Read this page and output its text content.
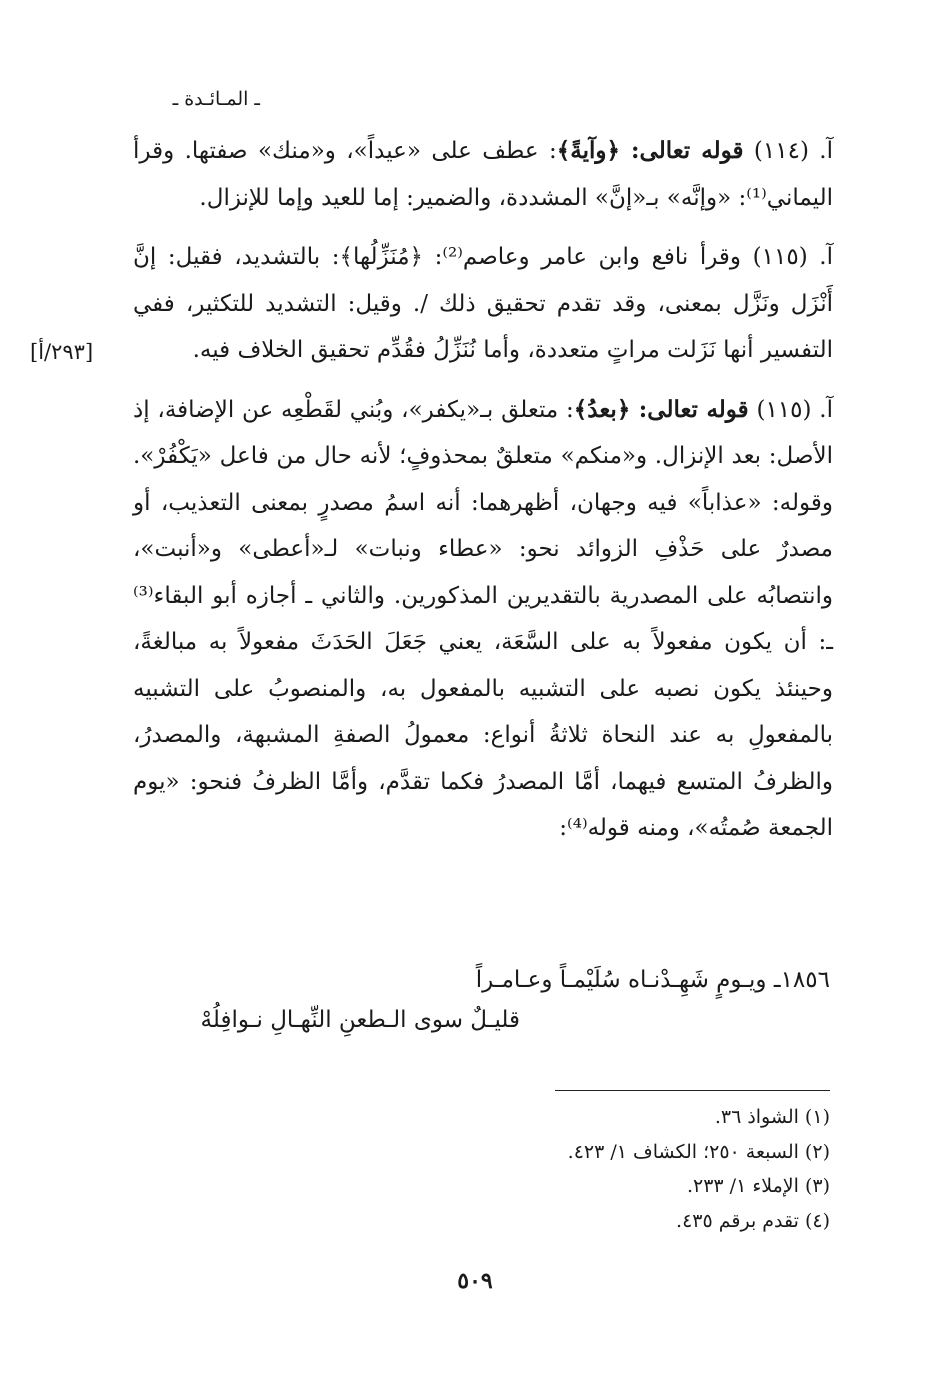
ـ المـائـدة ـ
[٢٩٣/أ]

آ. (١١٤) قوله تعالى: ﴿وآيةً﴾: عطف على «عيداً»، و«منك» صفتها. وقرأ اليماني⁽¹⁾: «وإنَّه» بـ«إنَّ» المشددة، والضمير: إما للعيد وإما للإنزال.

آ. (١١٥) وقرأ نافع وابن عامر وعاصم⁽²⁾: ﴿مُنَزِّلُها﴾: بالتشديد، فقيل: إنَّ أَنْزَل ونَزَّل بمعنى، وقد تقدم تحقيق ذلك /. وقيل: التشديد للتكثير، ففي التفسير أنها نَزَلت مراتٍ متعددة، وأما نُنَزِّلُ فقُدِّم تحقيق الخلاف فيه.

آ. (١١٥) قوله تعالى: ﴿بعدُ﴾: متعلق بـ«يكفر»، وبُني لقَطْعِه عن الإضافة، إذ الأصل: بعد الإنزال. و«منكم» متعلقٌ بمحذوفٍ؛ لأنه حال من فاعل «يَكْفُرْ». وقوله: «عذاباً» فيه وجهان، أظهرهما: أنه اسمُ مصدرٍ بمعنى التعذيب، أو مصدرٌ على حَذْفِ الزوائد نحو: «عطاء ونبات» لـ«أعطى» و«أنبت»، وانتصابُه على المصدرية بالتقديرين المذكورين. والثاني ـ أجازه أبو البقاء⁽³⁾ ـ: أن يكون مفعولاً به على السَّعَة، يعني جَعَلَ الحَدَثَ مفعولاً به مبالغةً، وحينئذ يكون نصبه على التشبيه بالمفعول به، والمنصوبُ على التشبيه بالمفعولِ به عند النحاة ثلاثةُ أنواع: معمولُ الصفةِ المشبهة، والمصدرُ، والظرفُ المتسع فيهما، أمَّا المصدرُ فكما تقدَّم، وأمَّا الظرفُ فنحو: «يوم الجمعة صُمتُه»، ومنه قوله⁽⁴⁾:

١٨٥٦ـ ويـومٍ شَهِـدْنـاه سُلَيْمـاً وعـامـراً
قليـلٌ سوى الـطعنِ النِّهـالِ نـوافِلُهْ
(١) الشواذ ٣٦.
(٢) السبعة ٢٥٠؛ الكشاف ١/ ٤٢٣.
(٣) الإملاء ١/ ٢٣٣.
(٤) تقدم برقم ٤٣٥.
٥٠٩
